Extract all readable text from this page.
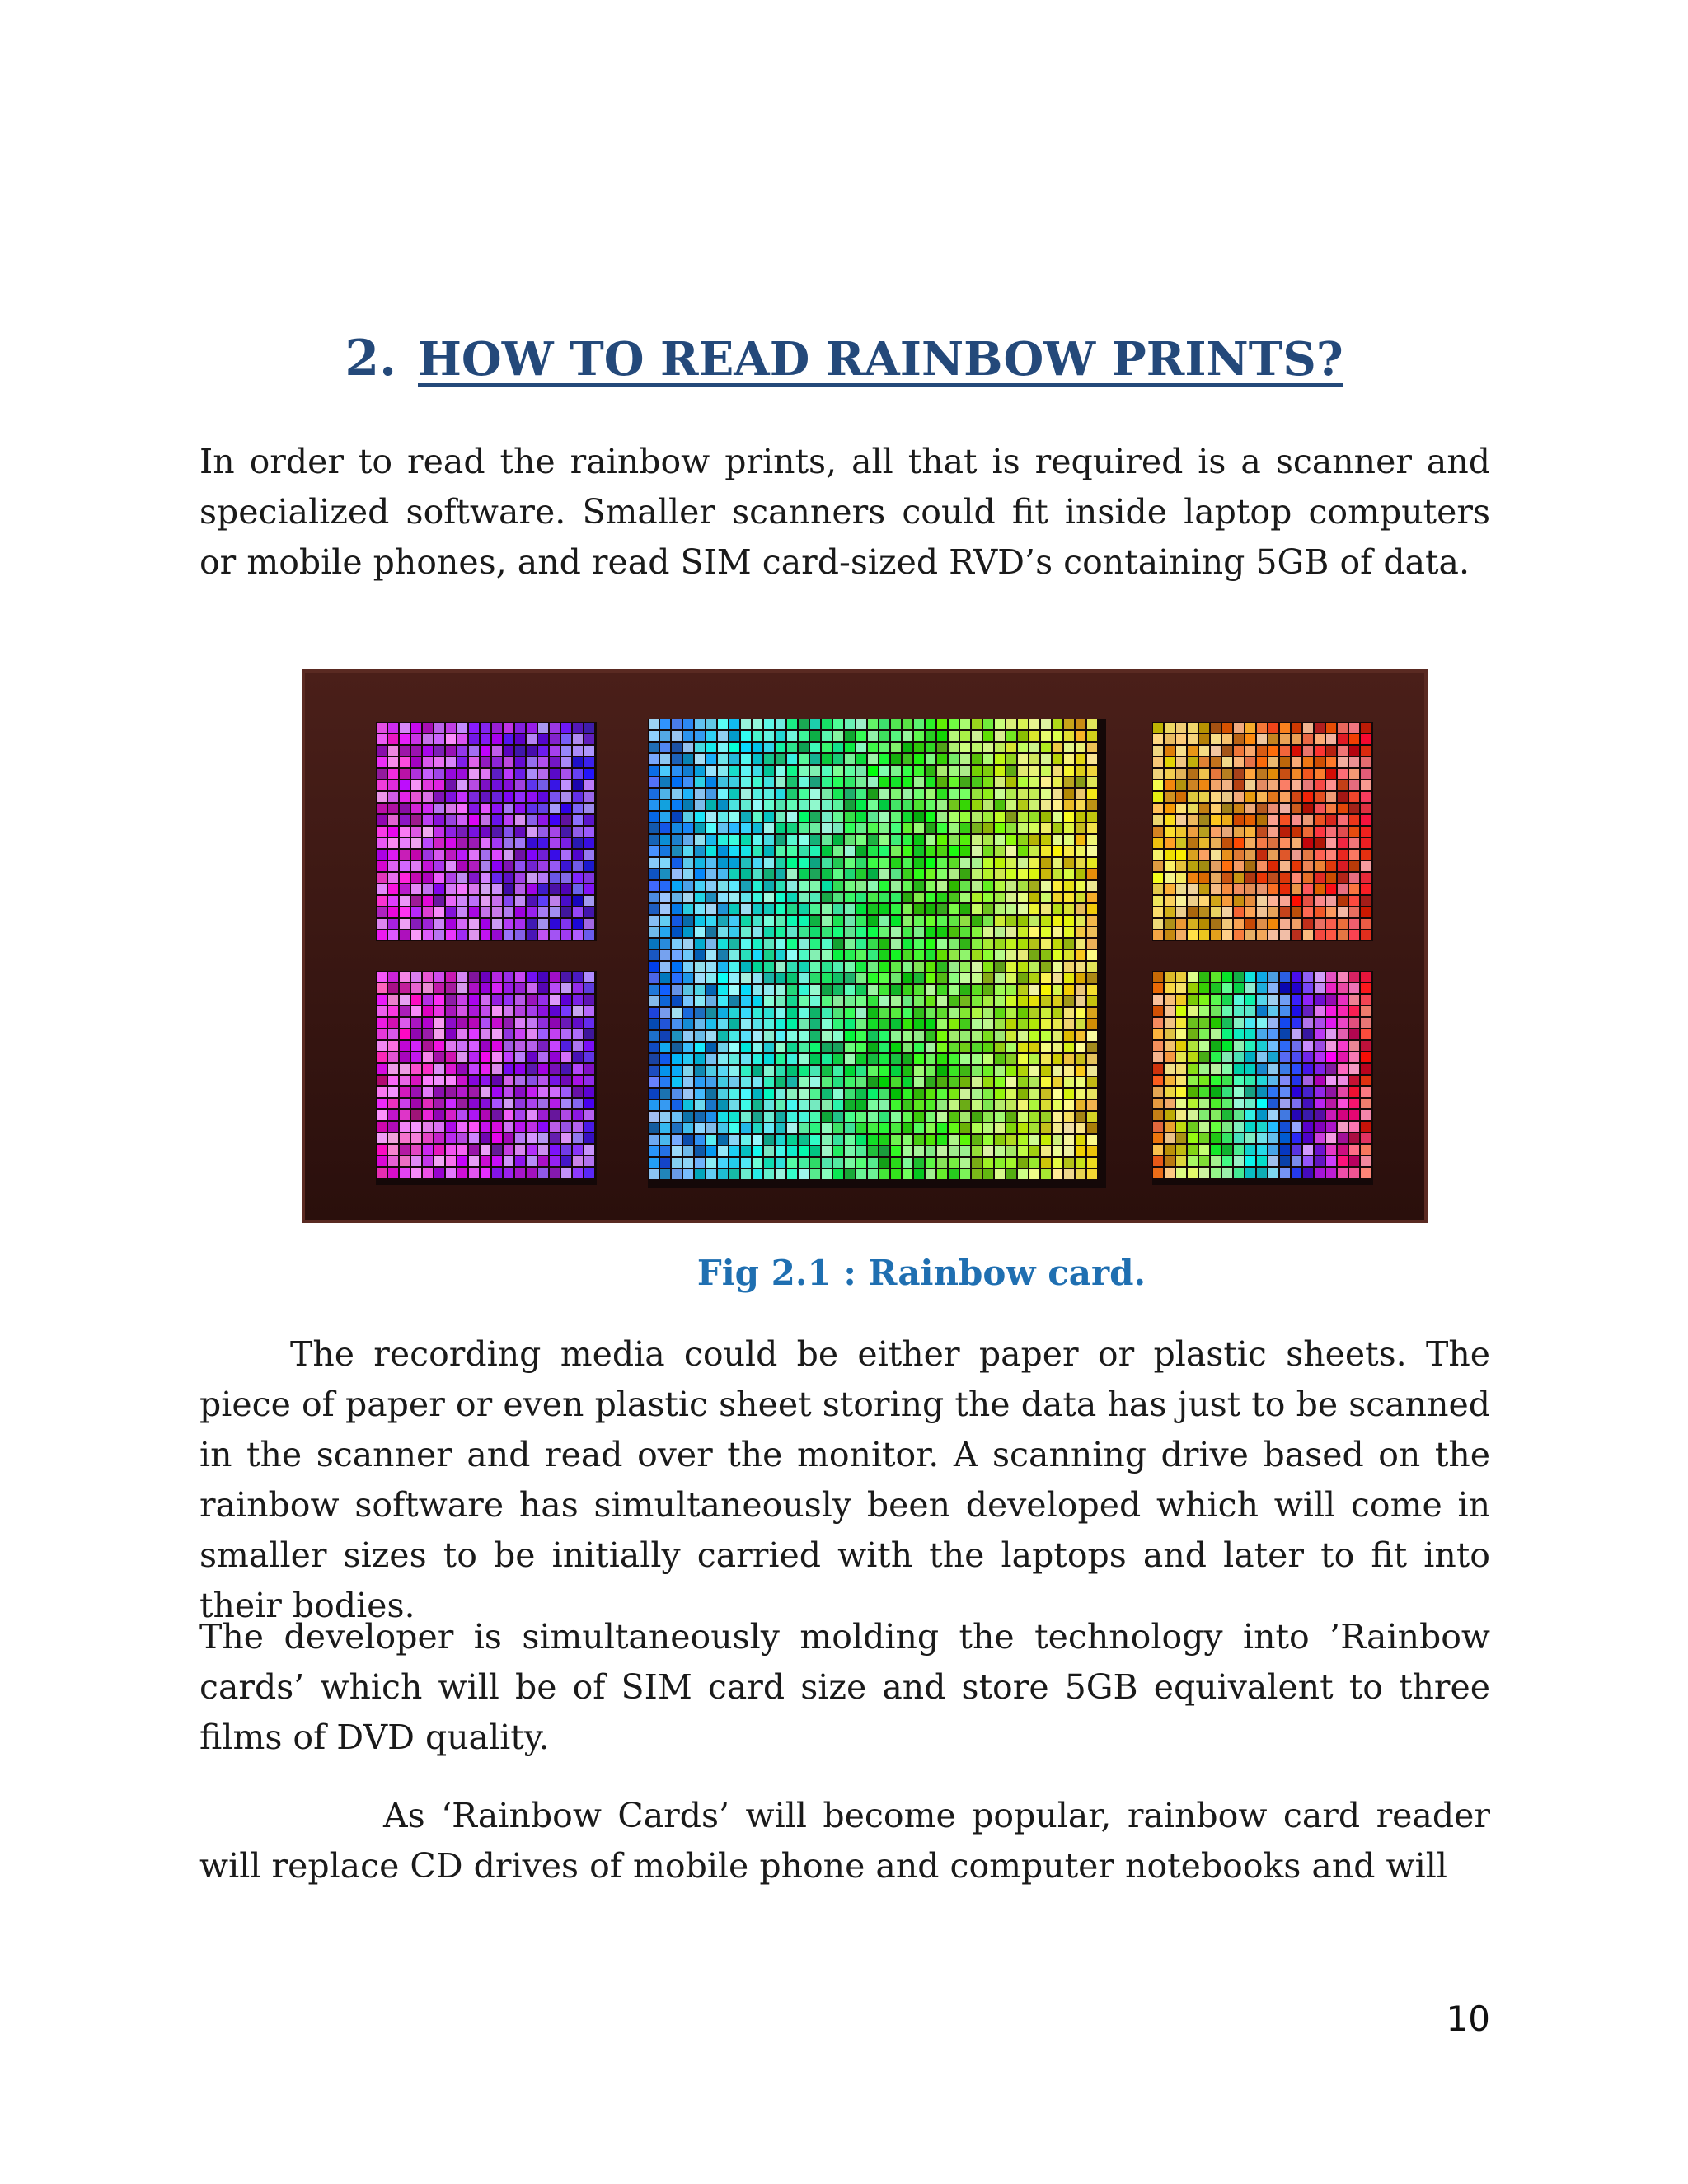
2. HOW TO READ RAINBOW PRINTS?

In order to read the rainbow prints, all that is required is a scanner and specialized software. Smaller scanners could fit inside laptop computers or mobile phones, and read SIM card-sized RVD’s containing 5GB of data.

Fig 2.1 : Rainbow card.

The recording media could be either paper or plastic sheets. The piece of paper or even plastic sheet storing the data has just to be scanned in the scanner and read over the monitor. A scanning drive based on the rainbow software has simultaneously been developed which will come in smaller sizes to be initially carried with the laptops and later to fit into their bodies.

The developer is simultaneously molding the technology into ’Rainbow cards’ which will be of SIM card size and store 5GB equivalent to three films of DVD quality.

As ‘Rainbow Cards’ will become popular, rainbow card reader will replace CD drives of mobile phone and computer notebooks and will

10
